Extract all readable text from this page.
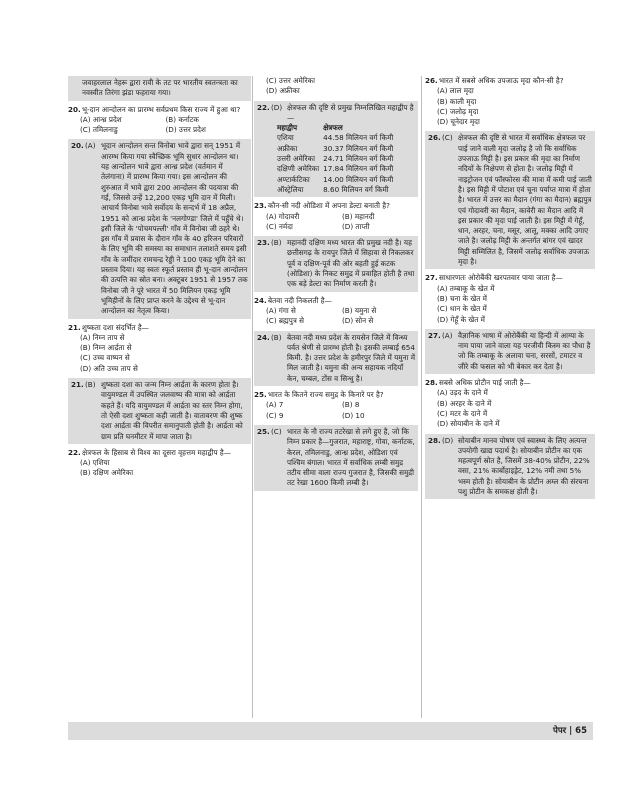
जवाहरलाल नेहरू द्वारा रावी के तट पर भारतीय स्वतन्त्रता का नवस्वीत तिरंगा झंडा फहराया गया।
20. भू-दान आन्दोलन का प्रारम्भ सर्वप्रथम किस राज्य में हुआ था?
(A) आन्ध्र प्रदेश	(B) कर्नाटक
(C) तमिलनाडु	(D) उत्तर प्रदेश
20. (A) भूदान आन्दोलन सन्त विनोबा भावे द्वारा सन् 1951 में आरम्भ किया गया स्वैच्छिक भूमि सुधार आन्दोलन था। यह आन्दोलन भावे द्वारा आन्ध्र प्रदेश (वर्तमान में तेलंगाना) में प्रारम्भ किया गया। इस आन्दोलन की शुरुआत में भावे द्वारा 200 आन्दोलन की पदयात्रा की गई, जिससे उन्हें 12,200 एकड़ भूमि दान में मिली। आचार्य विनोबा भावे सर्वोदय के सन्दर्भ में 18 अप्रैल, 1951 को आन्ध्र प्रदेश के 'नलगोण्डा' जिले में पहुँचे थे। इसी जिले के 'पोचमपल्ली' गाँव में विनोबा जी ठहरे थे। इस गाँव में प्रवास के दौरान गाँव के 40 हरिजन परिवारों के लिए भूमि की समस्या का समाधान तलाशते समय इसी गाँव के जमींदार रामचन्द्र रेड्डी ने 100 एकड़ भूमि देने का प्रस्ताव दिया। यह स्वतः स्फूर्त प्रस्ताव ही भू-दान आन्दोलन की उत्पत्ति का स्रोत बना। अक्टूबर 1951 से 1957 तक विनोबा जी ने पूरे भारत में 50 मिलियन एकड़ भूमि भूमिहीनों के लिए प्राप्त करने के उद्देश्य से भू-दान आन्दोलन का नेतृत्व किया।
21. शुष्कता दशा संदर्भित है—
(A) निम्न ताप से
(B) निम्न आर्द्रता से
(C) उच्च वाष्पन से
(D) अति उच्च ताप से
21. (B) शुष्कता दशा का जन्म निम्न आर्द्रता के कारण होता है। वायुमण्डल में उपस्थित जलवाष्प की मात्रा को आर्द्रता कहते हैं। यदि वायुमण्डल में आर्द्रता का स्तर निम्न होगा, तो ऐसी दशा शुष्कता कही जाती है। वातावरण की शुष्क दशा आर्द्रता की विपरीत समानुपाती होती है। आर्द्रता को ग्राम प्रति घनमीटर में मापा जाता है।
22. क्षेत्रफल के हिसाब से विश्व का दूसरा वृहत्तम महाद्वीप है—
(A) एशिया
(B) दक्षिण अमेरिका
(C) उत्तर अमेरिका
(D) अफ्रीका
22. (D) क्षेत्रफल की दृष्टि से प्रमुख निम्नलिखित महाद्वीप है—
महाद्वीप	क्षेत्रफल
एशिया	44.58 मिलियन वर्ग किमी
अफ्रीका	30.37 मिलियन वर्ग किमी
उत्तरी अमेरिका	24.71 मिलियन वर्ग किमी
दक्षिणी अमेरिका	17.84 मिलियन वर्ग किमी
अण्टार्कटिका	14.00 मिलियन वर्ग किमी
ऑस्ट्रेलिया	8.60 मिलियन वर्ग किमी
23. कौन-सी नदी ओडिशा में अपना डेल्टा बनाती है?
(A) गोदावरी	(B) महानदी
(C) नर्मदा	(D) ताप्ती
23. (B) महानदी दक्षिण मध्य भारत की प्रमुख नदी है। यह छत्तीसगढ़ के रायपुर जिले में सिहावा से निकलकर पूर्व व दक्षिण-पूर्व की ओर बहती हुई कटक (ओडिशा) के निकट समुद्र में प्रवाहित होती है तथा एक बड़े डेल्टा का निर्माण करती है।
24. बेतवा नदी निकलती है—
(A) गंगा से	(B) यमुना से
(C) ब्रह्मपुत्र से	(D) सोन से
24. (B) बेतवा नदी मध्य प्रदेश के रायसेन जिले में विन्ध्य पर्वत श्रेणी से प्रारम्भ होती है। इसकी लम्बाई 654 किमी. है। उत्तर प्रदेश के हमीरपुर जिले में यमुना में मिल जाती है। यमुना की अन्य सहायक नदियाँ केन, चम्बल, टोंस व सिन्धु है।
25. भारत के कितने राज्य समुद्र के किनारे पर है?
(A) 7	(B) 8
(C) 9	(D) 10
25. (C) भारत के नौ राज्य तटरेखा से लगे हुए है, जो कि निम्न प्रकार है—गुजरात, महाराष्ट्र, गोवा, कर्नाटक, केरल, तमिलनाडु, आन्ध्र प्रदेश, ओडिशा एवं पश्चिम बंगाल। भारत में सर्वाधिक लम्बी समुद्र तटीय सीमा वाला राज्य गुजरात है, जिसकी समुद्री तट रेखा 1600 किमी लम्बी है।
26. भारत में सबसे अधिक उपजाऊ मृदा कौन-सी है?
(A) लाल मृदा
(B) काली मृदा
(C) जलोढ़ मृदा
(D) चूनेदार मृदा
26. (C) क्षेत्रफल की दृष्टि से भारत में सर्वाधिक क्षेत्रफल पर पाई जाने वाली मृदा जलोढ़ है जो कि सर्वाधिक उपजाऊ मिट्टी है। इस प्रकार की मृदा का निर्माण नदियों के निक्षेपण से होता है। जलोढ़ मिट्टी में नाइट्रोजन एवं फॉस्फोरस की मात्रा में कमी पाई जाती है। इस मिट्टी में पोटाश एवं चूना पर्याप्त मात्रा में होता है। भारत में उत्तर का मैदान (गंगा का मैदान) ब्रह्मपुत्र एवं गोदावरी का मैदान, कावेरी का मैदान आदि में इस प्रकार की मृदा पाई जाती है। इस मिट्टी में गेहूँ, धान, अरहर, चना, मसूर, आलू, मक्का आदि उगाए जाते है। जलोढ़ मिट्टी के अन्तर्गत बांगर एवं खादर मिट्टी सम्मिलित है, जिसमें जलोढ़ सर्वाधिक उपजाऊ मृदा है।
27. साधारणतः ओरोबैंकी खरपतवार पाया जाता है—
(A) तम्बाकू के खेत में
(B) चना के खेत में
(C) धान के खेत में
(D) गेहूँ के खेत में
27. (A) वैज्ञानिक भाषा में ओरोबैंकी या हिन्दी में आग्या के नाम पाया जाने वाला यह परजीवी किस्म का पौधा है जो कि तम्बाकू के अलावा चना, सरसों, टमाटर व जीरे की फसल को भी बेकार कर देता है।
28. सबसे अधिक प्रोटीन पाई जाती है—
(A) उड़द के दाने में
(B) अरहर के दाने में
(C) मटर के दाने में
(D) सोयाबीन के दाने में
28. (D) सोयाबीन मानव पोषण एवं स्वास्थ्य के लिए अत्यन्त उपयोगी खाद्य पदार्थ है। सोयाबीन प्रोटीन का एक महत्वपूर्ण स्रोत है, जिसमें 38-40% प्रोटीन, 22% वसा, 21% कार्बोहाइड्रेट, 12% नमी तथा 5% भस्म होती है। सोयाबीन के प्रोटीन अम्ल की संरचना पशु प्रोटीन के समकक्ष होती है।
पेपर | 65
